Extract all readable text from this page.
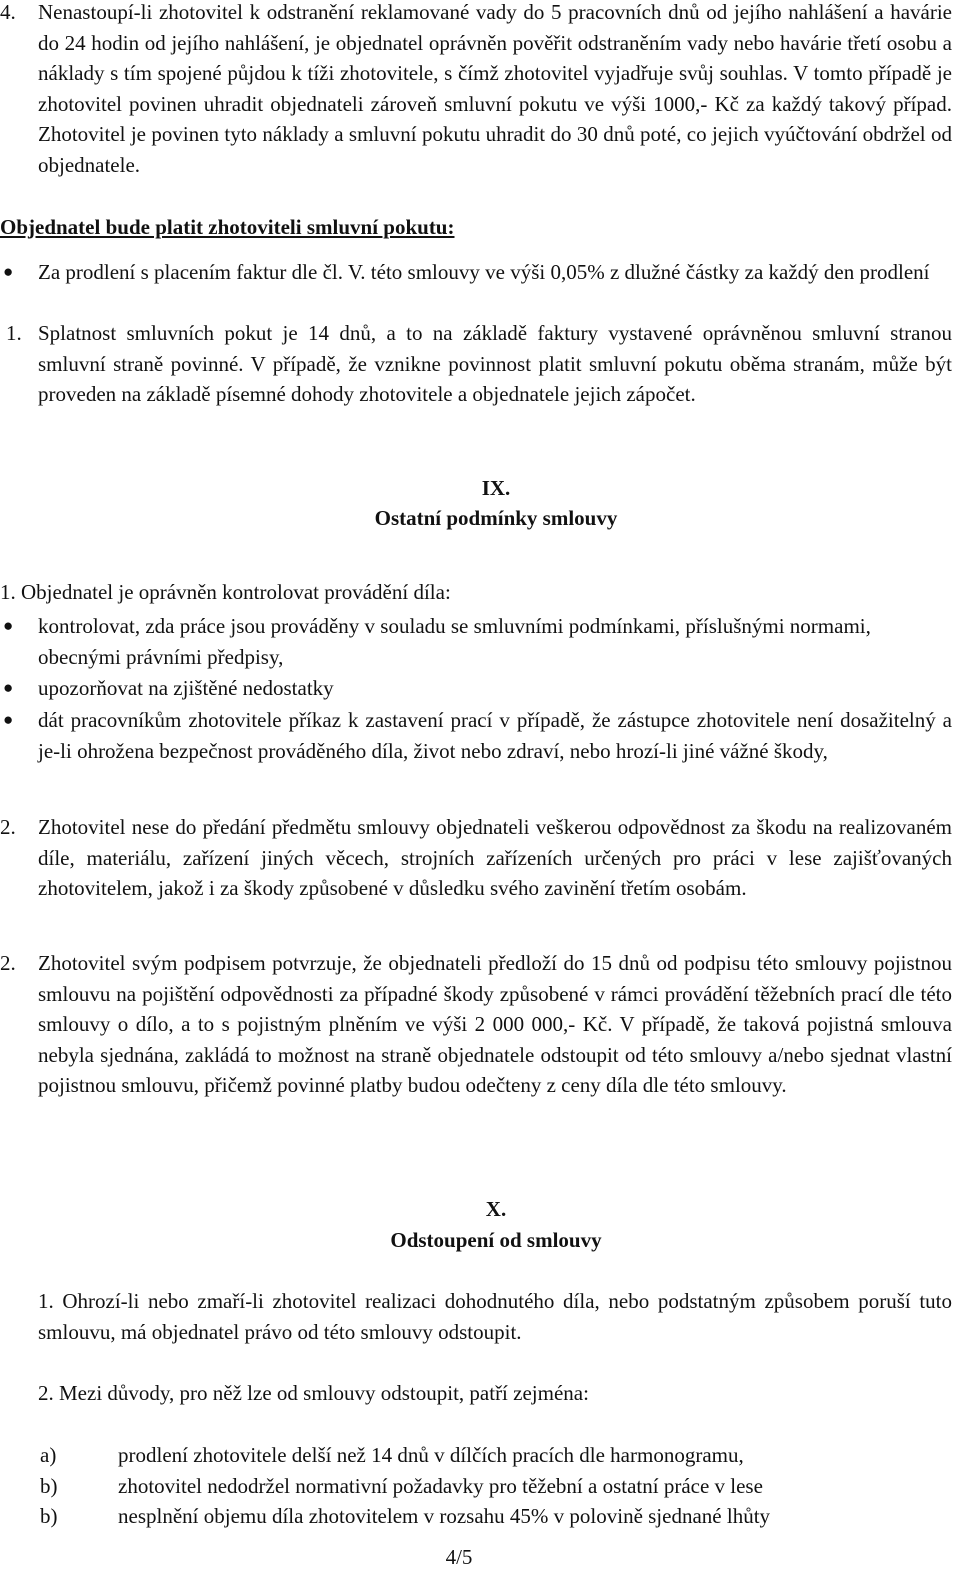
4. Nenastoupí-li zhotovitel k odstranění reklamované vady do 5 pracovních dnů od jejího nahlášení a havárie do 24 hodin od jejího nahlášení, je objednatel oprávněn pověřit odstraněním vady nebo havárie třetí osobu a náklady s tím spojené půjdou k tíži zhotovitele, s čímž zhotovitel vyjadřuje svůj souhlas. V tomto případě je zhotovitel povinen uhradit objednateli zároveň smluvní pokutu ve výši 1000,- Kč za každý takový případ. Zhotovitel je povinen tyto náklady a smluvní pokutu uhradit do 30 dnů poté, co jejich vyúčtování obdržel od objednatele.
Objednatel bude platit zhotoviteli smluvní pokutu:
● Za prodlení s placením faktur dle čl. V. této smlouvy ve výši 0,05% z dlužné částky za každý den prodlení
1. Splatnost smluvních pokut je 14 dnů, a to na základě faktury vystavené oprávněnou smluvní stranou smluvní straně povinné. V případě, že vznikne povinnost platit smluvní pokutu oběma stranám, může být proveden na základě písemné dohody zhotovitele a objednatele jejich zápočet.
IX.
Ostatní podmínky smlouvy
1. Objednatel je oprávněn kontrolovat provádění díla:
● kontrolovat, zda práce jsou prováděny v souladu se smluvními podmínkami, příslušnými normami, obecnými právními předpisy,
● upozorňovat na zjištěné nedostatky
● dát pracovníkům zhotovitele příkaz k zastavení prací v případě, že zástupce zhotovitele není dosažitelný a je-li ohrožena bezpečnost prováděného díla, život nebo zdraví, nebo hrozí-li jiné vážné škody,
2. Zhotovitel nese do předání předmětu smlouvy objednateli veškerou odpovědnost za škodu na realizovaném díle, materiálu, zařízení jiných věcech, strojních zařízeních určených pro práci v lese zajišťovaných zhotovitelem, jakož i za škody způsobené v důsledku svého zavinění třetím osobám.
2. Zhotovitel svým podpisem potvrzuje, že objednateli předloží do 15 dnů od podpisu této smlouvy pojistnou smlouvu na pojištění odpovědnosti za případné škody způsobené v rámci provádění těžebních prací dle této smlouvy o dílo, a to s pojistným plněním ve výši 2 000 000,- Kč. V případě, že taková pojistná smlouva nebyla sjednána, zakládá to možnost na straně objednatele odstoupit od této smlouvy a/nebo sjednat vlastní pojistnou smlouvu, přičemž povinné platby budou odečteny z ceny díla dle této smlouvy.
X.
Odstoupení od smlouvy
1. Ohrozí-li nebo zmaří-li zhotovitel realizaci dohodnutého díla, nebo podstatným způsobem poruší tuto smlouvu, má objednatel právo od této smlouvy odstoupit.
2. Mezi důvody, pro něž lze od smlouvy odstoupit, patří zejména:
a)	prodlení zhotovitele delší než 14 dnů v dílčích pracích dle harmonogramu,
b)	zhotovitel nedodržel normativní požadavky pro těžební a ostatní práce v lese
b)	nesplnění objemu díla zhotovitelem v rozsahu 45% v polovině sjednané lhůty
4/5
